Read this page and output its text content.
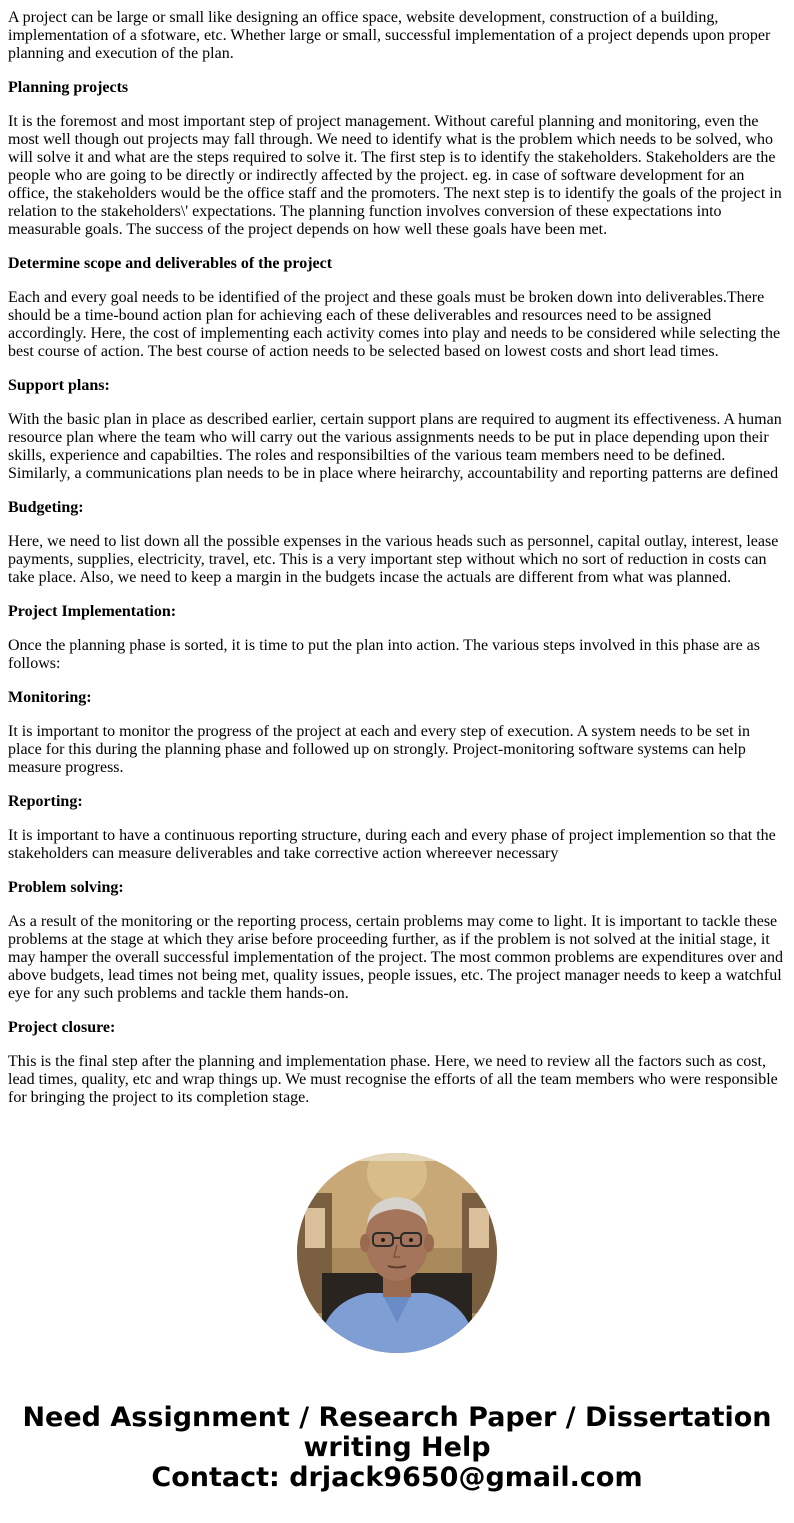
A project can be large or small like designing an office space, website development, construction of a building, implementation of a sfotware, etc. Whether large or small, successful implementation of a project depends upon proper planning and execution of the plan.

Planning projects

It is the foremost and most important step of project management. Without careful planning and monitoring, even the most well though out projects may fall through. We need to identify what is the problem which needs to be solved, who will solve it and what are the steps required to solve it. The first step is to identify the stakeholders. Stakeholders are the people who are going to be directly or indirectly affected by the project. eg. in case of software development for an office, the stakeholders would be the office staff and the promoters. The next step is to identify the goals of the project in relation to the stakeholders\' expectations. The planning function involves conversion of these expectations into measurable goals. The success of the project depends on how well these goals have been met.

Determine scope and deliverables of the project

Each and every goal needs to be identified of the project and these goals must be broken down into deliverables.There should be a time-bound action plan for achieving each of these deliverables and resources need to be assigned accordingly. Here, the cost of implementing each activity comes into play and needs to be considered while selecting the best course of action. The best course of action needs to be selected based on lowest costs and short lead times.

Support plans:

With the basic plan in place as described earlier, certain support plans are required to augment its effectiveness. A human resource plan where the team who will carry out the various assignments needs to be put in place depending upon their skills, experience and capabilties. The roles and responsibilties of the various team members need to be defined. Similarly, a communications plan needs to be in place where heirarchy, accountability and reporting patterns are defined

Budgeting:

Here, we need to list down all the possible expenses in the various heads such as personnel, capital outlay, interest, lease payments, supplies, electricity, travel, etc. This is a very important step without which no sort of reduction in costs can take place. Also, we need to keep a margin in the budgets incase the actuals are different from what was planned.

Project Implementation:

Once the planning phase is sorted, it is time to put the plan into action. The various steps involved in this phase are as follows:

Monitoring:

It is important to monitor the progress of the project at each and every step of execution. A system needs to be set in place for this during the planning phase and followed up on strongly. Project-monitoring software systems can help measure progress.

Reporting:

It is important to have a continuous reporting structure, during each and every phase of project implemention so that the stakeholders can measure deliverables and take corrective action whereever necessary

Problem solving:

As a result of the monitoring or the reporting process, certain problems may come to light. It is important to tackle these problems at the stage at which they arise before proceeding further, as if the problem is not solved at the initial stage, it may hamper the overall successful implementation of the project. The most common problems are expenditures over and above budgets, lead times not being met, quality issues, people issues, etc. The project manager needs to keep a watchful eye for any such problems and tackle them hands-on.

Project closure:

This is the final step after the planning and implementation phase. Here, we need to review all the factors such as cost, lead times, quality, etc and wrap things up. We must recognise the efforts of all the team members who were responsible for bringing the project to its completion stage.

Need Assignment / Research Paper / Dissertation
writing Help
Contact: drjack9650@gmail.com
